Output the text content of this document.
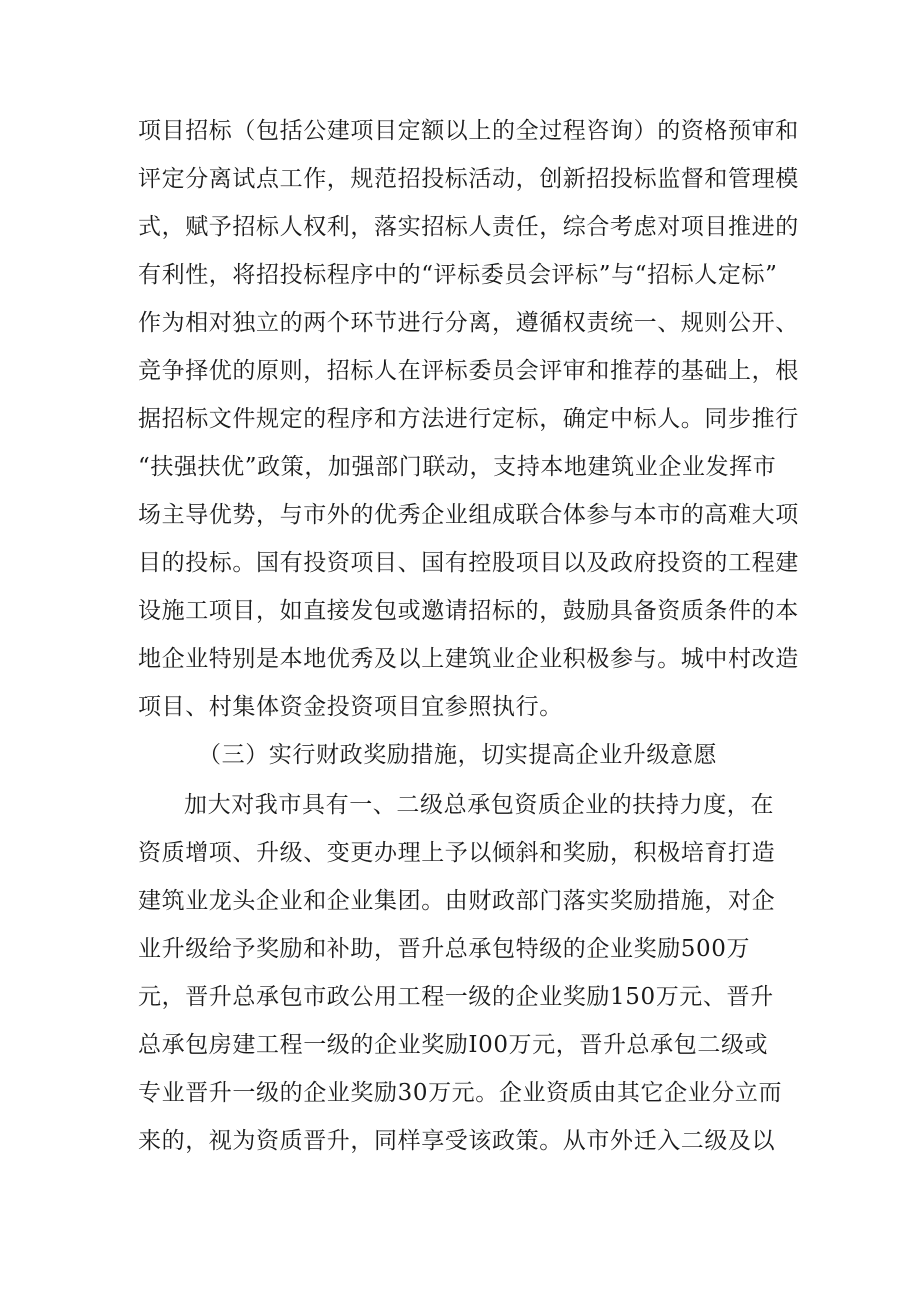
项目招标（包括公建项目定额以上的全过程咨询）的资格预审和
评定分离试点工作，规范招投标活动，创新招投标监督和管理模
式，赋予招标人权利，落实招标人责任，综合考虑对项目推进的
有利性，将招投标程序中的“评标委员会评标”与“招标人定标”
作为相对独立的两个环节进行分离，遵循权责统一、规则公开、
竞争择优的原则，招标人在评标委员会评审和推荐的基础上，根
据招标文件规定的程序和方法进行定标，确定中标人。同步推行
“扶强扶优”政策，加强部门联动，支持本地建筑业企业发挥市
场主导优势，与市外的优秀企业组成联合体参与本市的高难大项
目的投标。国有投资项目、国有控股项目以及政府投资的工程建
设施工项目，如直接发包或邀请招标的，鼓励具备资质条件的本
地企业特别是本地优秀及以上建筑业企业积极参与。城中村改造
项目、村集体资金投资项目宜参照执行。
（三）实行财政奖励措施，切实提高企业升级意愿
加大对我市具有一、二级总承包资质企业的扶持力度，在
资质增项、升级、变更办理上予以倾斜和奖励，积极培育打造
建筑业龙头企业和企业集团。由财政部门落实奖励措施，对企
业升级给予奖励和补助，晋升总承包特级的企业奖励500万
元，晋升总承包市政公用工程一级的企业奖励150万元、晋升
总承包房建工程一级的企业奖励I00万元，晋升总承包二级或
专业晋升一级的企业奖励30万元。企业资质由其它企业分立而
来的，视为资质晋升，同样享受该政策。从市外迁入二级及以
